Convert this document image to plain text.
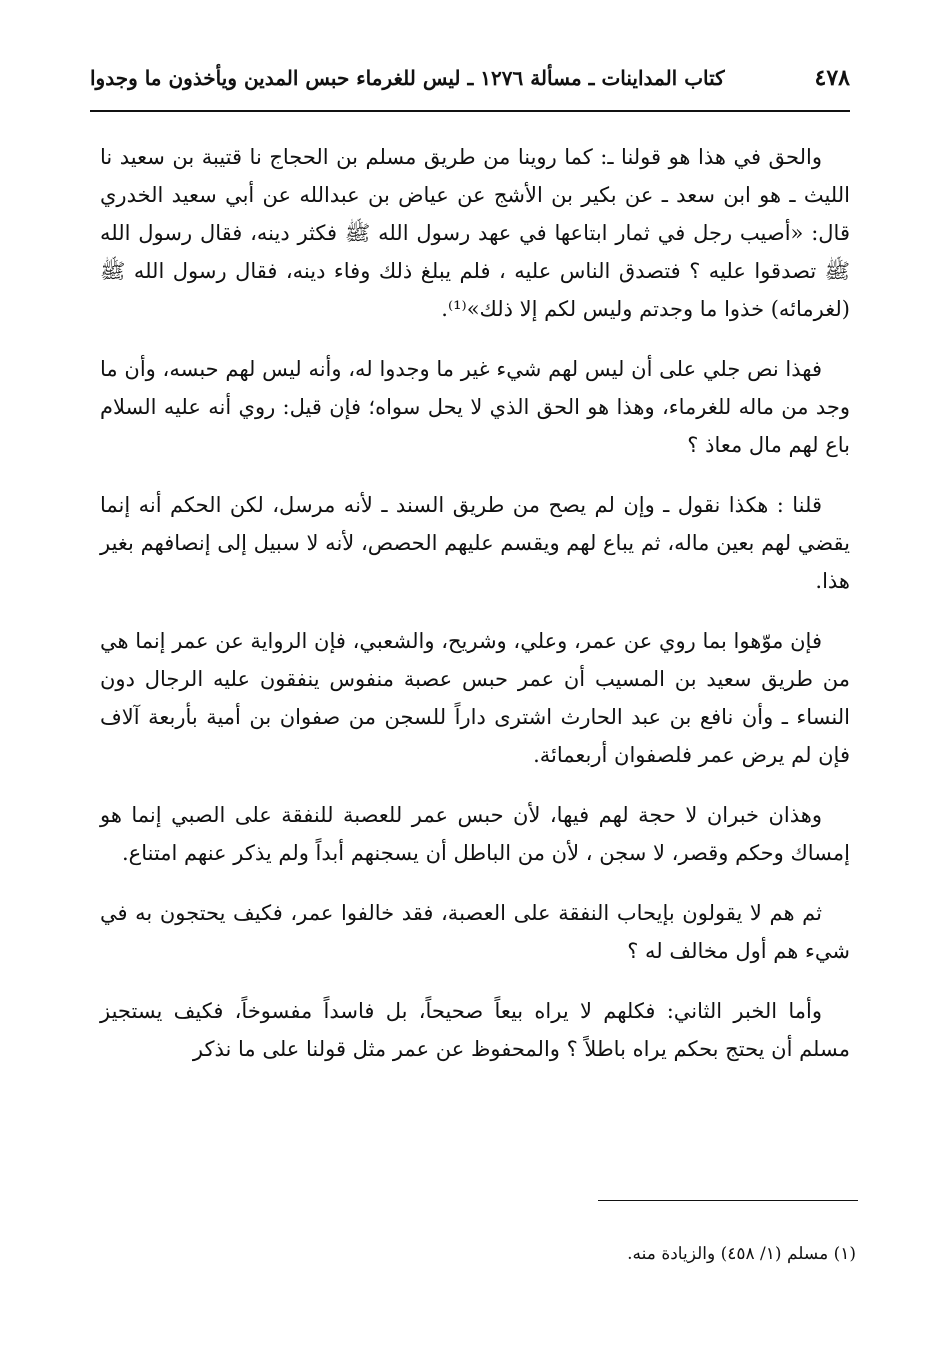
٤٧٨
كتاب المداينات ـ مسألة ١٢٧٦ ـ ليس للغرماء حبس المدين ويأخذون ما وجدوا

والحق في هذا هو قولنا ـ: كما روينا من طريق مسلم بن الحجاج نا قتيبة بن سعيد نا الليث ـ هو ابن سعد ـ عن بكير بن الأشج عن عياض بن عبدالله عن أبي سعيد الخدري قال: «أصيب رجل في ثمار ابتاعها في عهد رسول الله ﷺ فكثر دينه، فقال رسول الله ﷺ تصدقوا عليه ؟ فتصدق الناس عليه ، فلم يبلغ ذلك وفاء دينه، فقال رسول الله ﷺ (لغرمائه) خذوا ما وجدتم وليس لكم إلا ذلك»⁽¹⁾.

فهذا نص جلي على أن ليس لهم شيء غير ما وجدوا له، وأنه ليس لهم حبسه، وأن ما وجد من ماله للغرماء، وهذا هو الحق الذي لا يحل سواه؛ فإن قيل: روي أنه عليه السلام باع لهم مال معاذ ؟

قلنا : هكذا نقول ـ وإن لم يصح من طريق السند ـ لأنه مرسل، لكن الحكم أنه إنما يقضي لهم بعين ماله، ثم يباع لهم ويقسم عليهم الحصص، لأنه لا سبيل إلى إنصافهم بغير هذا.

فإن موّهوا بما روي عن عمر، وعلي، وشريح، والشعبي، فإن الرواية عن عمر إنما هي من طريق سعيد بن المسيب أن عمر حبس عصبة منفوس ينفقون عليه الرجال دون النساء ـ وأن نافع بن عبد الحارث اشترى داراً للسجن من صفوان بن أمية بأربعة آلاف فإن لم يرض عمر فلصفوان أربعمائة.

وهذان خبران لا حجة لهم فيها، لأن حبس عمر للعصبة للنفقة على الصبي إنما هو إمساك وحكم وقصر، لا سجن ، لأن من الباطل أن يسجنهم أبداً ولم يذكر عنهم امتناع.

ثم هم لا يقولون بإيحاب النفقة على العصبة، فقد خالفوا عمر، فكيف يحتجون به في شيء هم أول مخالف له ؟

وأما الخبر الثاني: فكلهم لا يراه بيعاً صحيحاً، بل فاسداً مفسوخاً، فكيف يستجيز مسلم أن يحتج بحكم يراه باطلاً ؟ والمحفوظ عن عمر مثل قولنا على ما نذكر

(١) مسلم (١/ ٤٥٨) والزيادة منه.
